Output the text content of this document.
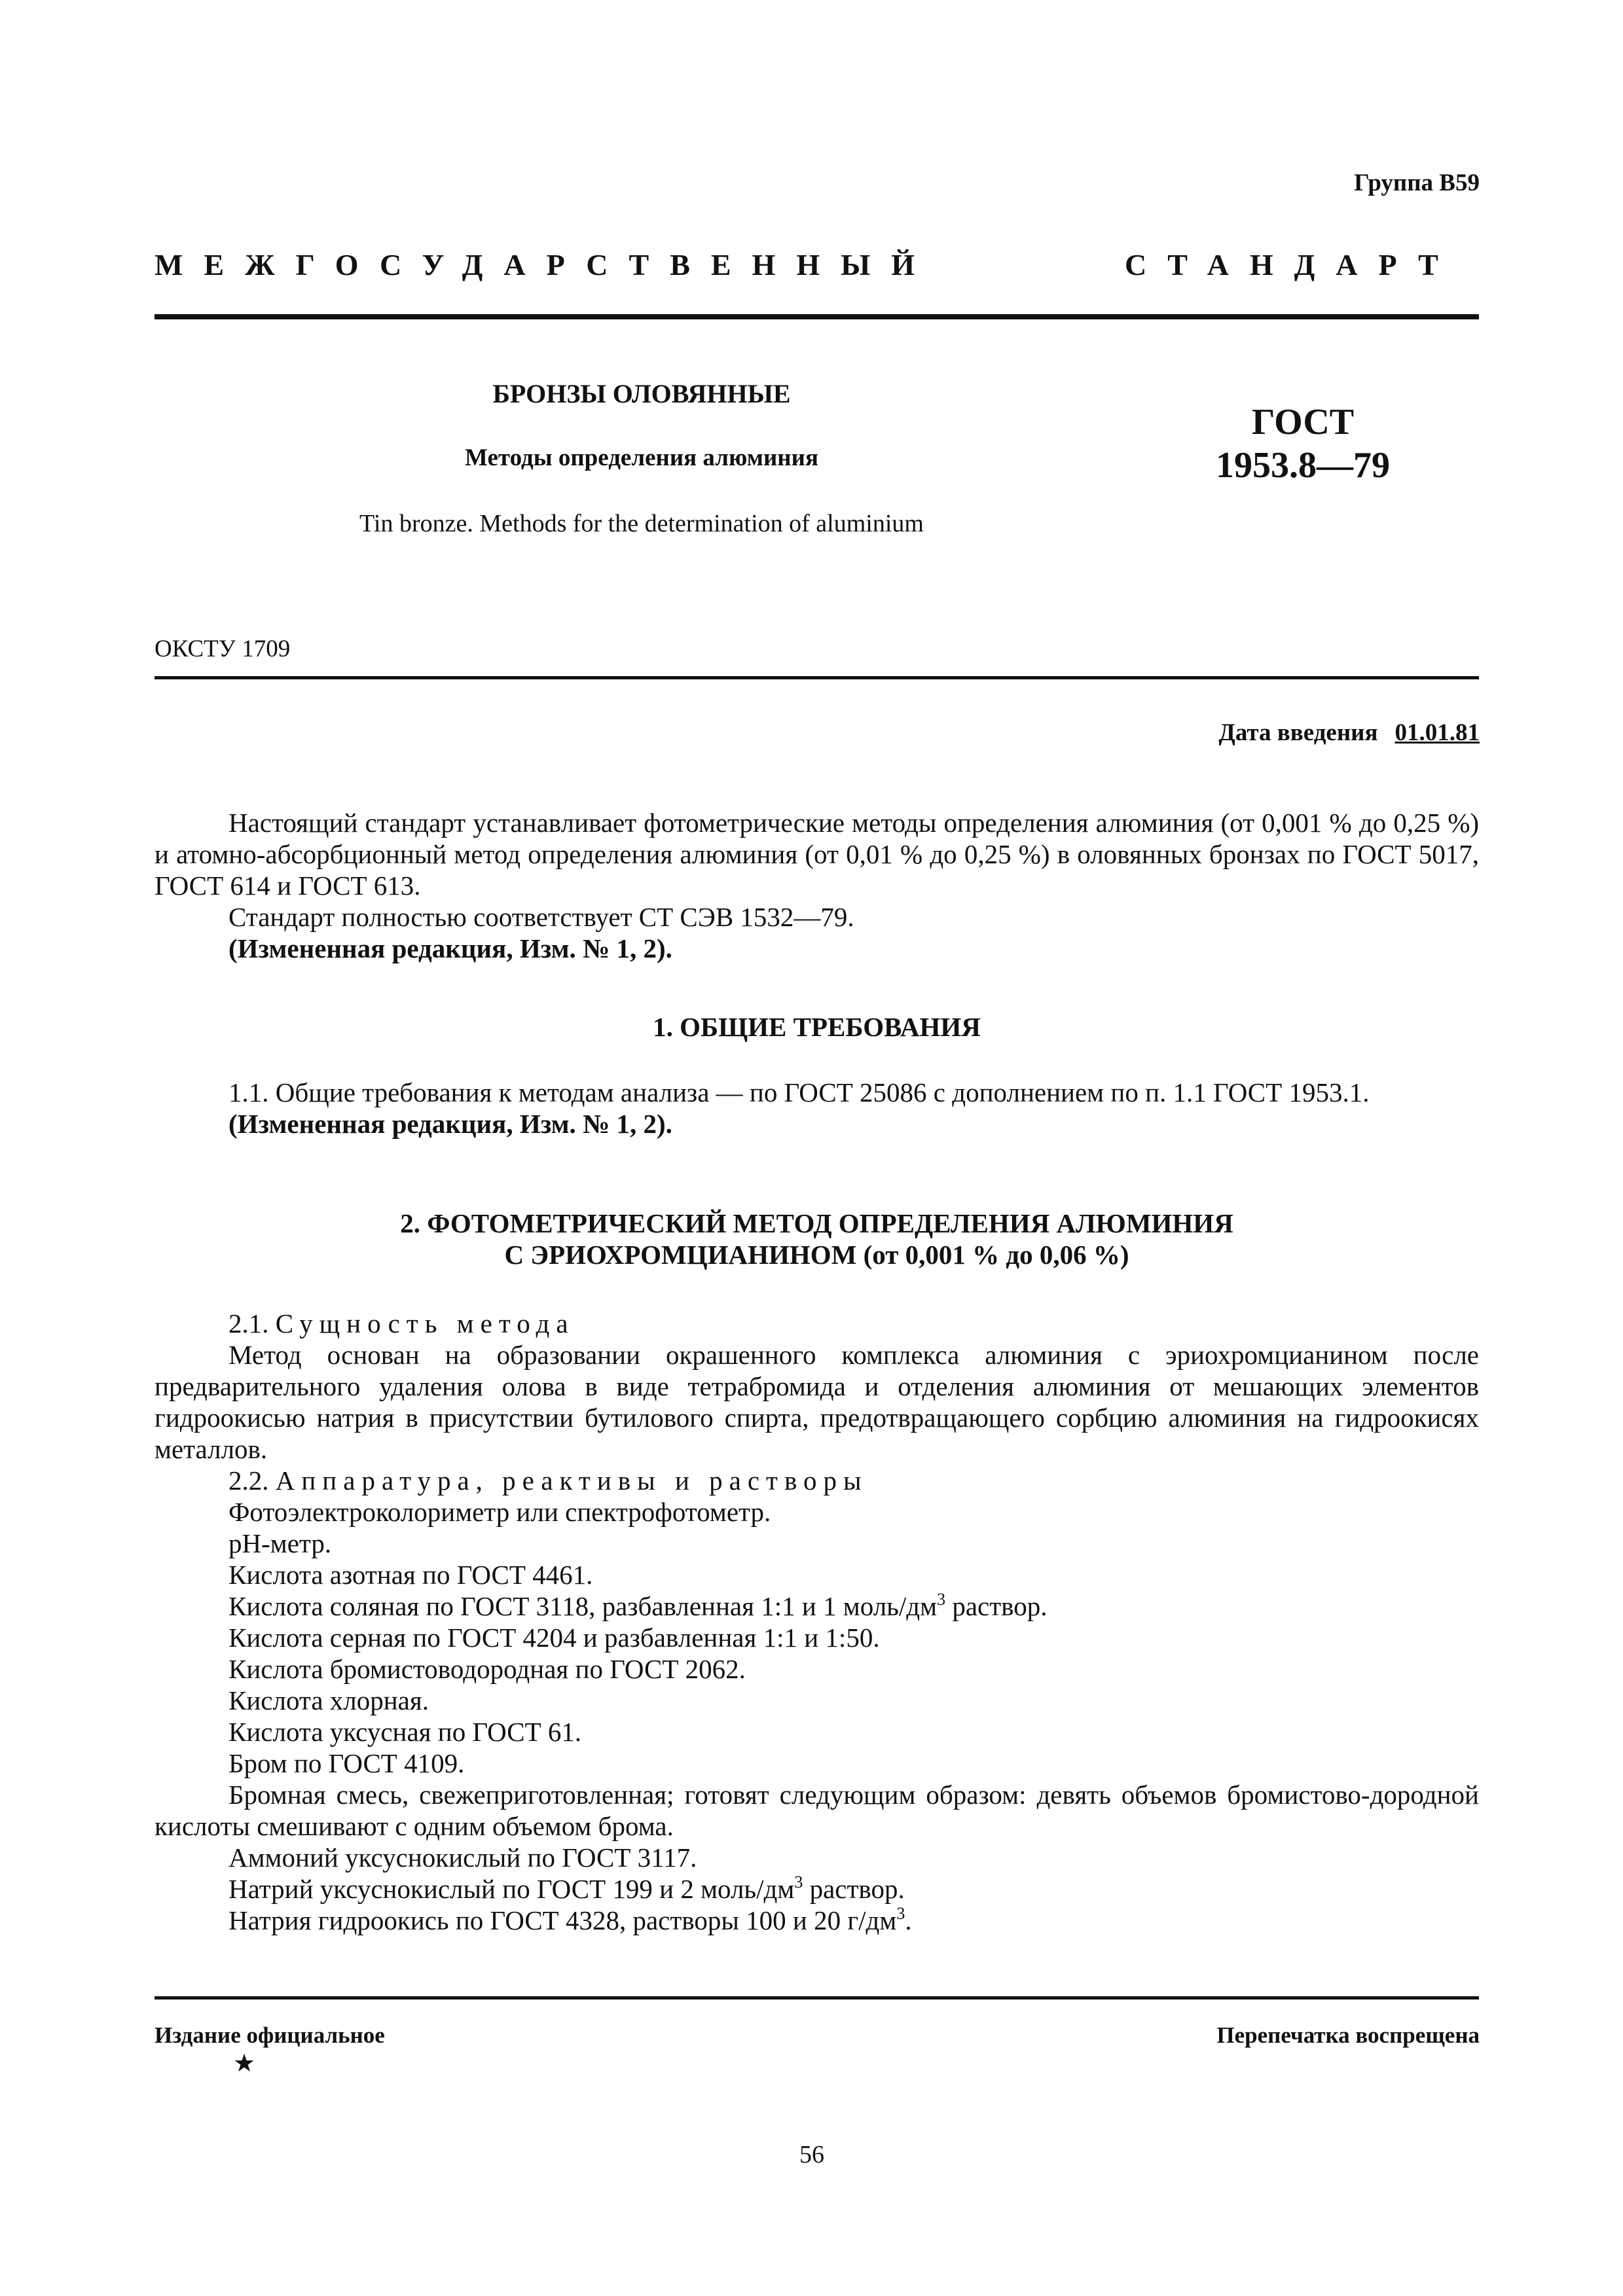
Группа В59
МЕЖГОСУДАРСТВЕННЫЙ	СТАНДАРТ
БРОНЗЫ ОЛОВЯННЫЕ
Методы определения алюминия
Tin bronze. Methods for the determination of aluminium
ГОСТ
1953.8—79
ОКСТУ 1709
Дата введения 01.01.81

Настоящий стандарт устанавливает фотометрические методы определения алюминия (от 0,001 % до 0,25 %) и атомно-абсорбционный метод определения алюминия (от 0,01 % до 0,25 %) в оловянных бронзах по ГОСТ 5017, ГОСТ 614 и ГОСТ 613.

Стандарт полностью соответствует СТ СЭВ 1532—79.

(Измененная редакция, Изм. № 1, 2).

1. ОБЩИЕ ТРЕБОВАНИЯ

1.1. Общие требования к методам анализа — по ГОСТ 25086 с дополнением по п. 1.1 ГОСТ 1953.1.

(Измененная редакция, Изм. № 1, 2).

2. ФОТОМЕТРИЧЕСКИЙ МЕТОД ОПРЕДЕЛЕНИЯ АЛЮМИНИЯ
С ЭРИОХРОМЦИАНИНОМ (от 0,001 % до 0,06 %)

2.1. Сущность метода

Метод основан на образовании окрашенного комплекса алюминия с эриохромцианином после предварительного удаления олова в виде тетрабромида и отделения алюминия от мешающих элементов гидроокисью натрия в присутствии бутилового спирта, предотвращающего сорбцию алюминия на гидроокисях металлов.

2.2. Аппаратура, реактивы и растворы

Фотоэлектроколориметр или спектрофотометр.
pH-метр.
Кислота азотная по ГОСТ 4461.
Кислота соляная по ГОСТ 3118, разбавленная 1:1 и 1 моль/$дм^3$ раствор.
Кислота серная по ГОСТ 4204 и разбавленная 1:1 и 1:50.
Кислота бромистоводородная по ГОСТ 2062.
Кислота хлорная.
Кислота уксусная по ГОСТ 61.
Бром по ГОСТ 4109.
Бромная смесь, свежеприготовленная; готовят следующим образом: девять объемов бромистово-дородной кислоты смешивают с одним объемом брома.
Аммоний уксуснокислый по ГОСТ 3117.
Натрий уксуснокислый по ГОСТ 199 и 2 моль/$дм^3$ раствор.
Натрия гидроокись по ГОСТ 4328, растворы 100 и 20 $г/дм^3$.
Издание официальное	Перепечатка воспрещена
★
56
